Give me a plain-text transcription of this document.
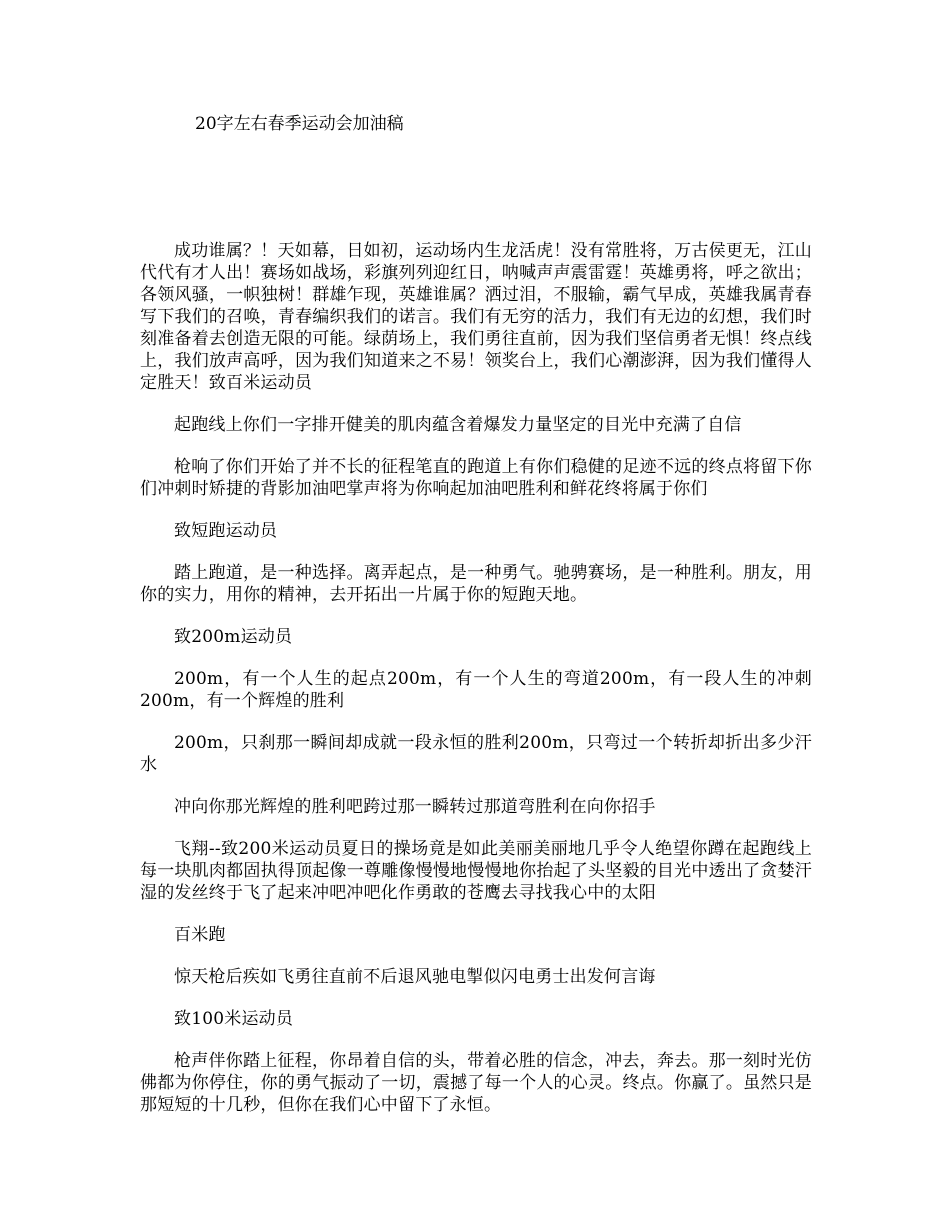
20字左右春季运动会加油稿

成功谁属？！天如幕，日如初，运动场内生龙活虎！没有常胜将，万古侯更无，江山代代有才人出！赛场如战场，彩旗列列迎红日，呐喊声声震雷霆！英雄勇将，呼之欲出；各领风骚，一帜独树！群雄乍现，英雄谁属？洒过泪，不服输，霸气早成，英雄我属青春写下我们的召唤，青春编织我们的诺言。我们有无穷的活力，我们有无边的幻想，我们时刻准备着去创造无限的可能。绿荫场上，我们勇往直前，因为我们坚信勇者无惧！终点线上，我们放声高呼，因为我们知道来之不易！领奖台上，我们心潮澎湃，因为我们懂得人定胜天！致百米运动员

起跑线上你们一字排开健美的肌肉蕴含着爆发力量坚定的目光中充满了自信

枪响了你们开始了并不长的征程笔直的跑道上有你们稳健的足迹不远的终点将留下你们冲刺时矫捷的背影加油吧掌声将为你响起加油吧胜利和鲜花终将属于你们

致短跑运动员

踏上跑道，是一种选择。离弄起点，是一种勇气。驰骋赛场，是一种胜利。朋友，用你的实力，用你的精神，去开拓出一片属于你的短跑天地。

致200m运动员

200m，有一个人生的起点200m，有一个人生的弯道200m，有一段人生的冲刺200m，有一个辉煌的胜利

200m，只刹那一瞬间却成就一段永恒的胜利200m，只弯过一个转折却折出多少汗水

冲向你那光辉煌的胜利吧跨过那一瞬转过那道弯胜利在向你招手

飞翔--致200米运动员夏日的操场竟是如此美丽美丽地几乎令人绝望你蹲在起跑线上每一块肌肉都固执得顶起像一尊雕像慢慢地慢慢地你抬起了头坚毅的目光中透出了贪婪汗湿的发丝终于飞了起来冲吧冲吧化作勇敢的苍鹰去寻找我心中的太阳

百米跑

惊天枪后疾如飞勇往直前不后退风驰电掣似闪电勇士出发何言诲

致100米运动员

枪声伴你踏上征程，你昂着自信的头，带着必胜的信念，冲去，奔去。那一刻时光仿佛都为你停住，你的勇气振动了一切，震撼了每一个人的心灵。终点。你赢了。虽然只是那短短的十几秒，但你在我们心中留下了永恒。
